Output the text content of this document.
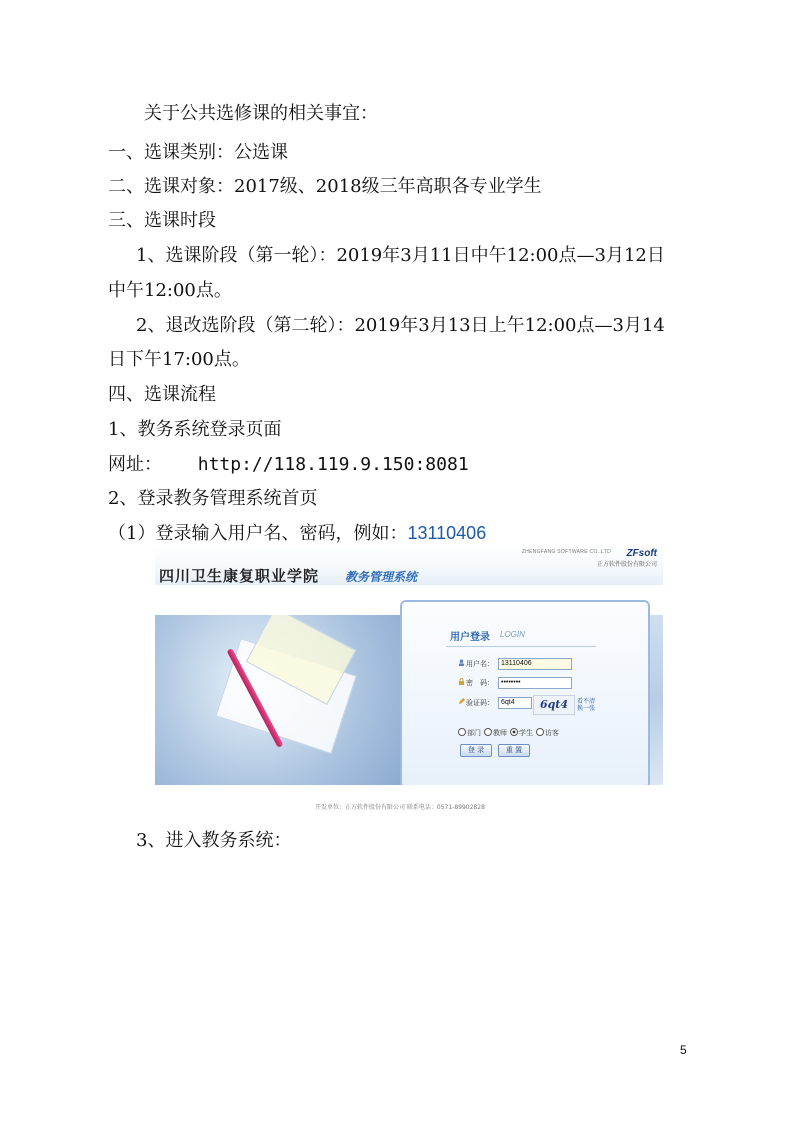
关于公共选修课的相关事宜：
一、选课类别：公选课
二、选课对象：2017级、2018级三年高职各专业学生
三、选课时段
1、选课阶段（第一轮）：2019年3月11日中午12:00点—3月12日
中午12:00点。
2、退改选阶段（第二轮）：2019年3月13日上午12:00点—3月14
日下午17:00点。
四、选课流程
1、教务系统登录页面
网址： http://118.119.9.150:8081
2、登录教务管理系统首页
（1）登录输入用户名、密码，例如：13110406
ZHENGFANG SOFTWARE CO.,LTD ZFsoft
正方软件股份有限公司
四川卫生康复职业学院 教务管理系统
用户登录 LOGIN
用户名：	13110406
密　码：	••••••••
验证码：	6qt4	6qt4	看不清
换一张
部门	教师	学生	访客
登 录	重 置
开发单位：正方软件股份有限公司 联系电话：0571-89902828
3、进入教务系统：
5
